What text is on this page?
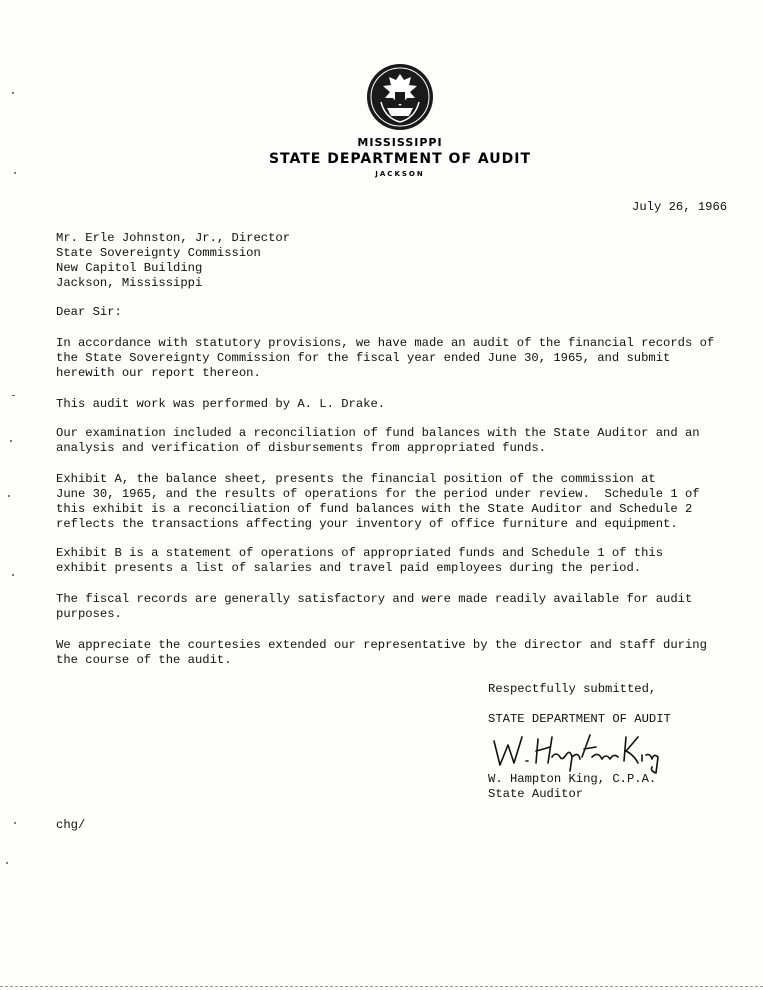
MISSISSIPPI
STATE DEPARTMENT OF AUDIT
JACKSON
July 26, 1966
Mr. Erle Johnston, Jr., Director
State Sovereignty Commission
New Capitol Building
Jackson, Mississippi
Dear Sir:
In accordance with statutory provisions, we have made an audit of the financial records of
the State Sovereignty Commission for the fiscal year ended June 30, 1965, and submit
herewith our report thereon.
This audit work was performed by A. L. Drake.
Our examination included a reconciliation of fund balances with the State Auditor and an
analysis and verification of disbursements from appropriated funds.
Exhibit A, the balance sheet, presents the financial position of the commission at
June 30, 1965, and the results of operations for the period under review.  Schedule 1 of
this exhibit is a reconciliation of fund balances with the State Auditor and Schedule 2
reflects the transactions affecting your inventory of office furniture and equipment.
Exhibit B is a statement of operations of appropriated funds and Schedule 1 of this
exhibit presents a list of salaries and travel paid employees during the period.
The fiscal records are generally satisfactory and were made readily available for audit
purposes.
We appreciate the courtesies extended our representative by the director and staff during
the course of the audit.
Respectfully submitted,
STATE DEPARTMENT OF AUDIT
W. Hampton King, C.P.A.
State Auditor
chg/
